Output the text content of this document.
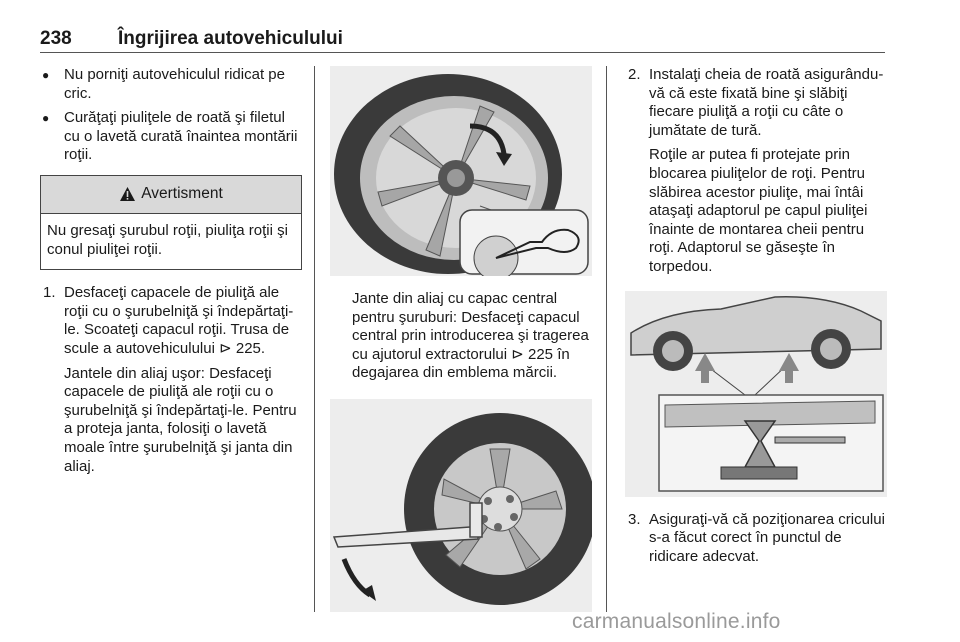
238 Îngrijirea autovehiculului
● Nu porniţi autovehiculul ridicat pe cric.
● Curăţaţi piuliţele de roată şi filetul cu o lavetă curată înaintea montării roţii.
Avertisment
Nu gresaţi şurubul roţii, piuliţa roţii şi conul piuliţei roţii.
1. Desfaceţi capacele de piuliţă ale roţii cu o şurubelniţă şi îndepărtaţi-le. Scoateţi capacul roţii. Trusa de scule a autovehiculului ⊳ 225.
Jantele din aliaj uşor: Desfaceţi capacele de piuliţă ale roţii cu o şurubelniţă şi îndepărtaţi-le. Pentru a proteja janta, folosiţi o lavetă moale între şurubelniţă şi janta din aliaj.
Jante din aliaj cu capac central pentru şuruburi: Desfaceţi capacul central prin introducerea şi tragerea cu ajutorul extractorului ⊳ 225 în degajarea din emblema mărcii.
2. Instalaţi cheia de roată asigurându-vă că este fixată bine şi slăbiţi fiecare piuliţă a roţii cu câte o jumătate de tură.
Roţile ar putea fi protejate prin blocarea piuliţelor de roţi. Pentru slăbirea acestor piuliţe, mai întâi ataşaţi adaptorul pe capul piuliţei înainte de montarea cheii pentru roţi. Adaptorul se găseşte în torpedou.
3. Asiguraţi-vă că poziţionarea cricului s-a făcut corect în punctul de ridicare adecvat.
carmanualsonline.info
